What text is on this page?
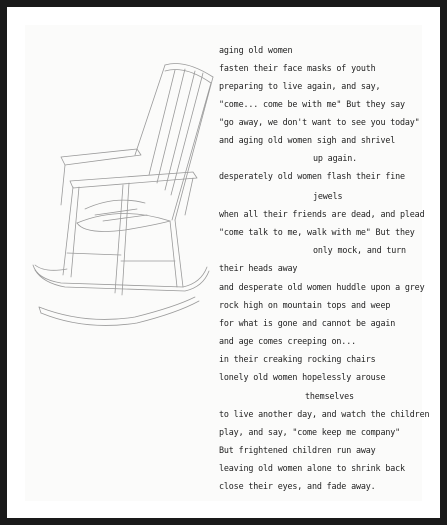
aging old women
fasten their face masks of youth
preparing to live again, and say,
"come... come be with me" But they say
"go away, we don't want to see you today"
and aging old women sigh and shrivel
up again.
desperately old women flash their fine
jewels
when all their friends are dead, and plead
"come talk to me, walk with me" But they
only mock, and turn
their heads away
and desperate old women huddle upon a grey
rock high on mountain tops and weep
for what is gone and cannot be again
and age comes creeping on...
in their creaking rocking chairs
lonely old women hopelessly arouse
themselves
to live another day, and watch the children
play, and say, "come keep me company"
But frightened children run away
leaving old women alone to shrink back
close their eyes, and fade away.
